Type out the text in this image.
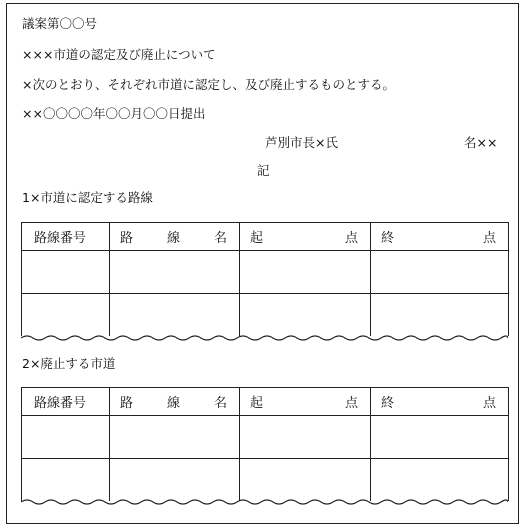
議案第〇〇号
×××市道の認定及び廃止について
×次のとおり、それぞれ市道に認定し、及び廃止するものとする。
××〇〇〇〇年〇〇月〇〇日提出
芦別市長×氏	名××
記
1×市道に認定する路線
路線番号	路 線 名	起 点	終 点

2×廃止する市道
路線番号	路 線 名	起 点	終 点
